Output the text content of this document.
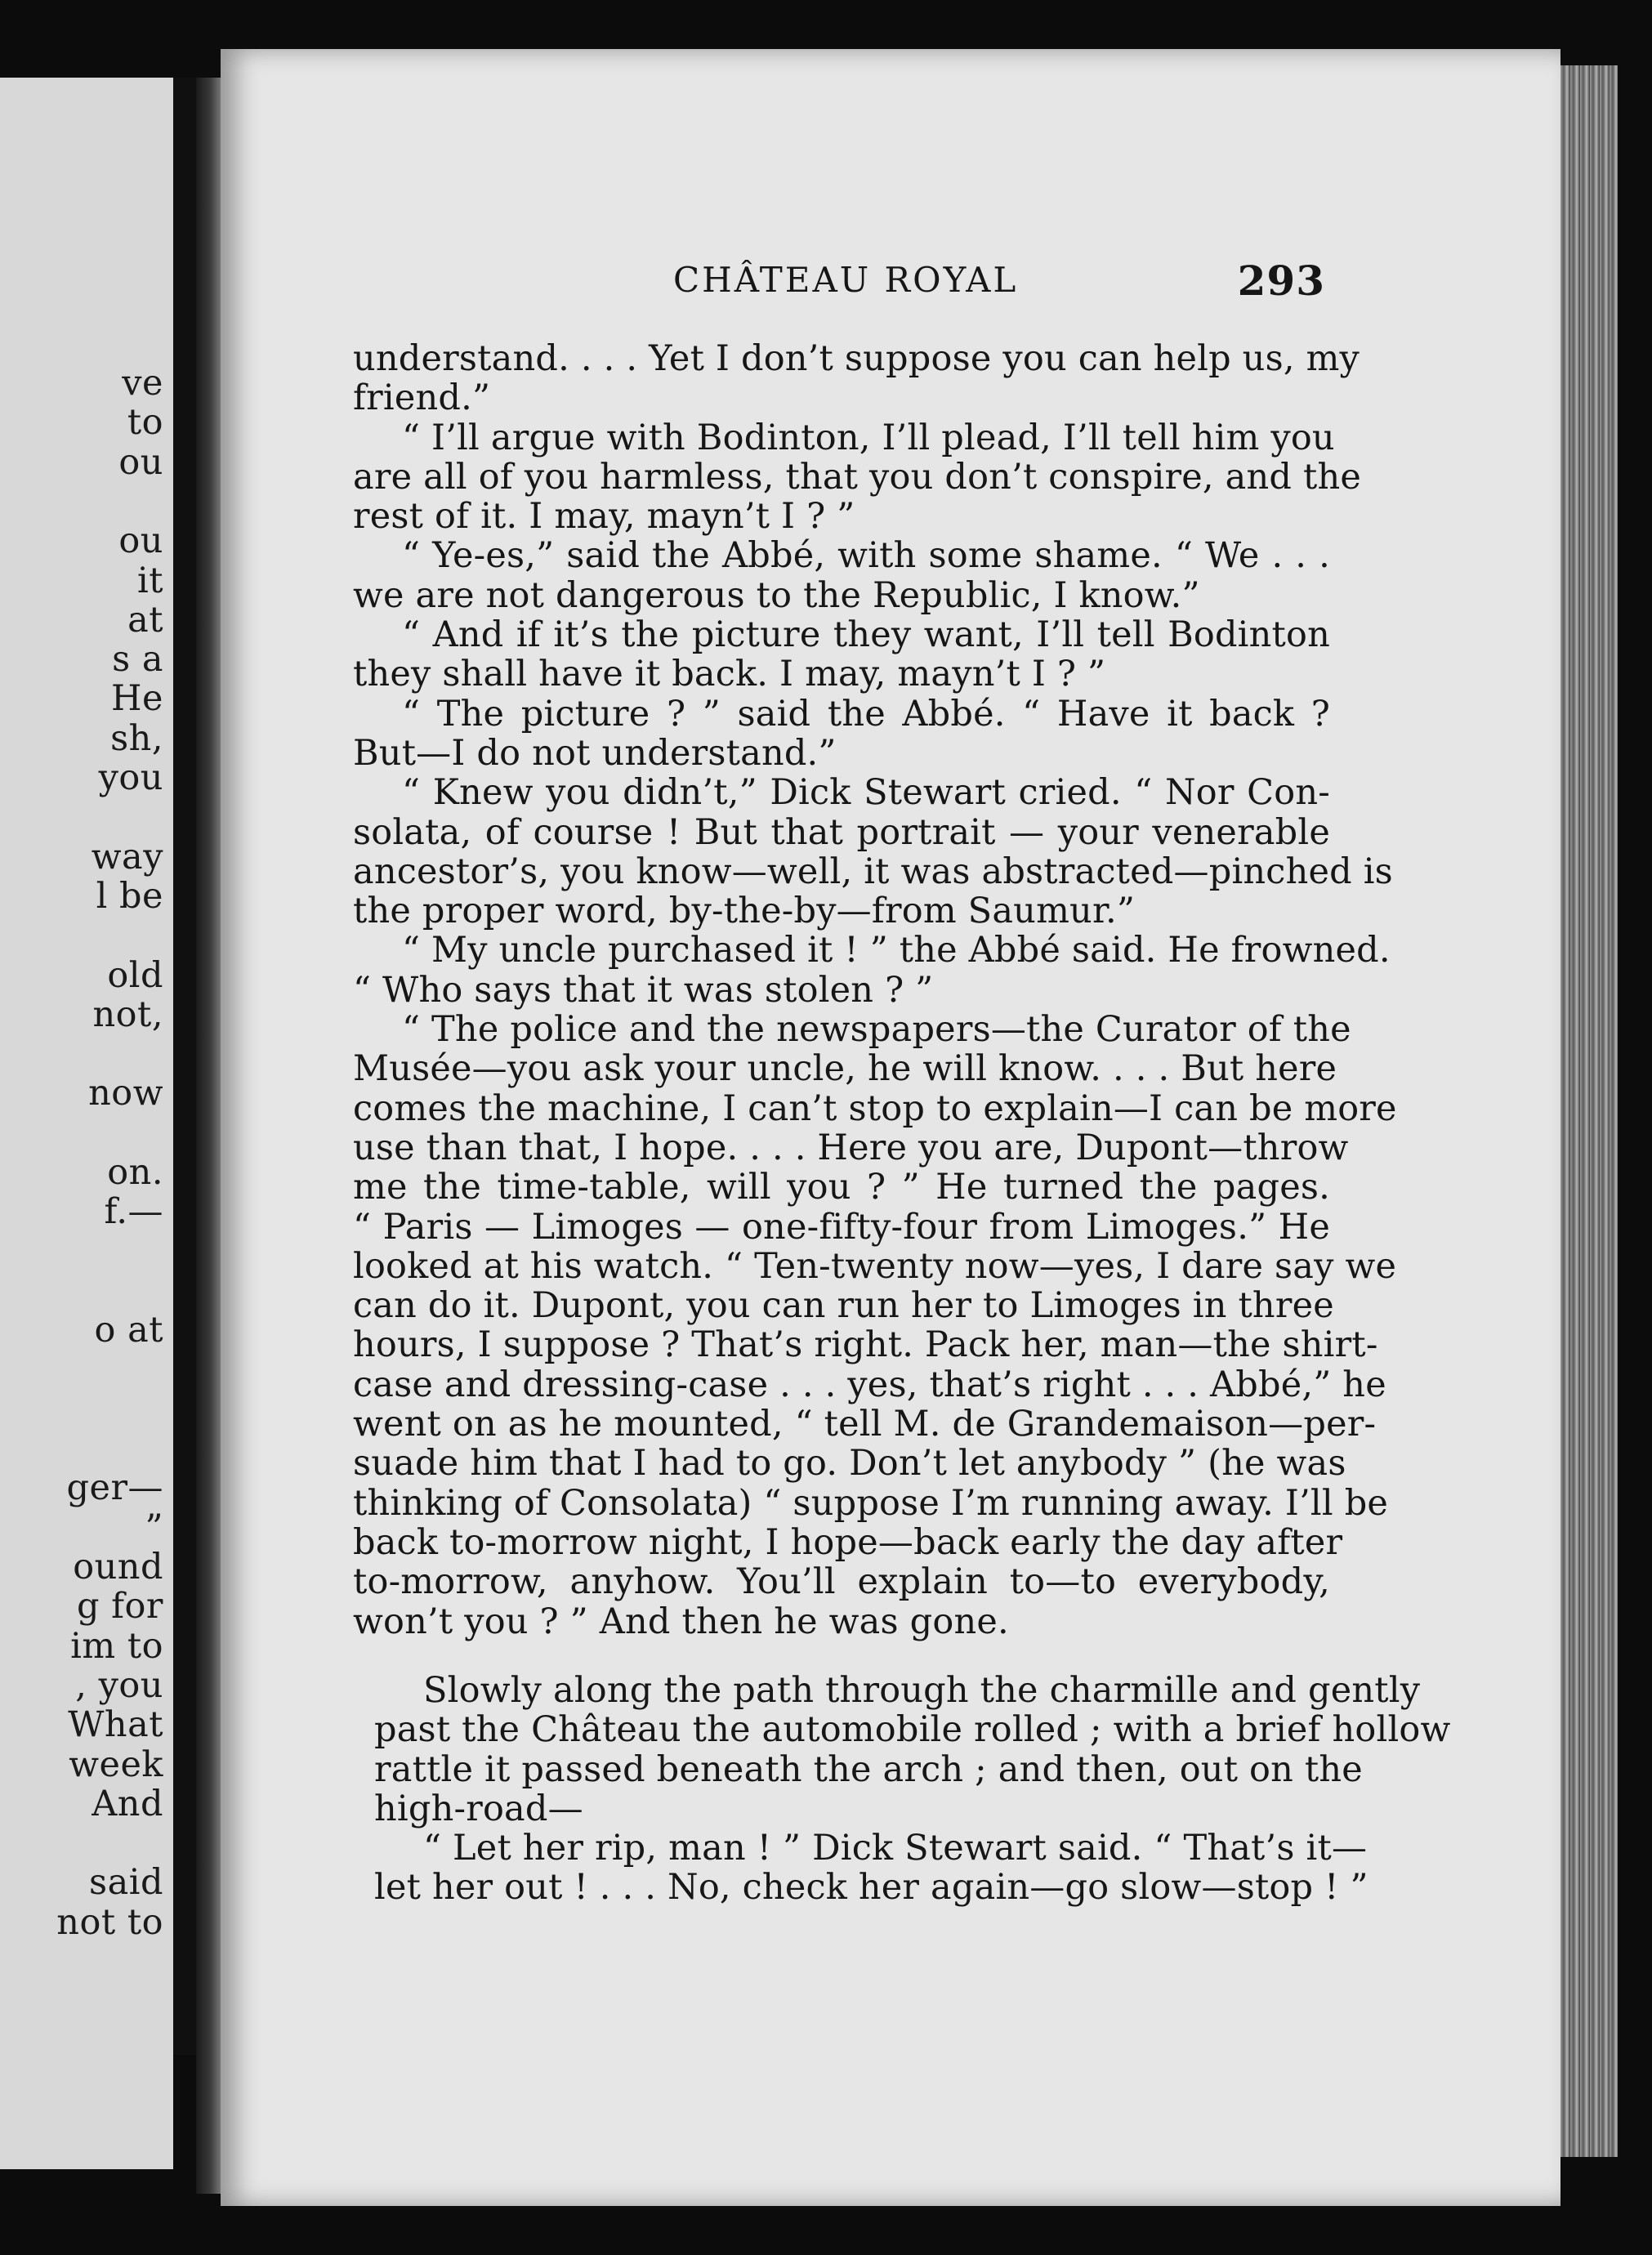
ve
to
ou
ou
it
at
s a
He
sh,
you
way
l be
old
not,
now
on.
f.—
o at
ger—
”
ound
g for
im to
, you
What
week
And
said
not to
CHÂTEAU ROYAL	293
understand. . . . Yet I don’t suppose you can help us, my
friend.”
“ I’ll argue with Bodinton, I’ll plead, I’ll tell him you
are all of you harmless, that you don’t conspire, and the
rest of it. I may, mayn’t I ? ”
“ Ye-es,” said the Abbé, with some shame. “ We . . .
we are not dangerous to the Republic, I know.”
“ And if it’s the picture they want, I’ll tell Bodinton
they shall have it back. I may, mayn’t I ? ”
“ The picture ? ” said the Abbé. “ Have it back ?
But—I do not understand.”
“ Knew you didn’t,” Dick Stewart cried. “ Nor Con-
solata, of course ! But that portrait — your venerable
ancestor’s, you know—well, it was abstracted—pinched is
the proper word, by-the-by—from Saumur.”
“ My uncle purchased it ! ” the Abbé said. He frowned.
“ Who says that it was stolen ? ”
“ The police and the newspapers—the Curator of the
Musée—you ask your uncle, he will know. . . . But here
comes the machine, I can’t stop to explain—I can be more
use than that, I hope. . . . Here you are, Dupont—throw
me the time-table, will you ? ” He turned the pages.
“ Paris — Limoges — one-fifty-four from Limoges.” He
looked at his watch. “ Ten-twenty now—yes, I dare say we
can do it. Dupont, you can run her to Limoges in three
hours, I suppose ? That’s right. Pack her, man—the shirt-
case and dressing-case . . . yes, that’s right . . . Abbé,” he
went on as he mounted, “ tell M. de Grandemaison—per-
suade him that I had to go. Don’t let anybody ” (he was
thinking of Consolata) “ suppose I’m running away. I’ll be
back to-morrow night, I hope—back early the day after
to-morrow, anyhow. You’ll explain to—to everybody,
won’t you ? ” And then he was gone.
Slowly along the path through the charmille and gently
past the Château the automobile rolled ; with a brief hollow
rattle it passed beneath the arch ; and then, out on the
high-road—
“ Let her rip, man ! ” Dick Stewart said. “ That’s it—
let her out ! . . . No, check her again—go slow—stop ! ”
